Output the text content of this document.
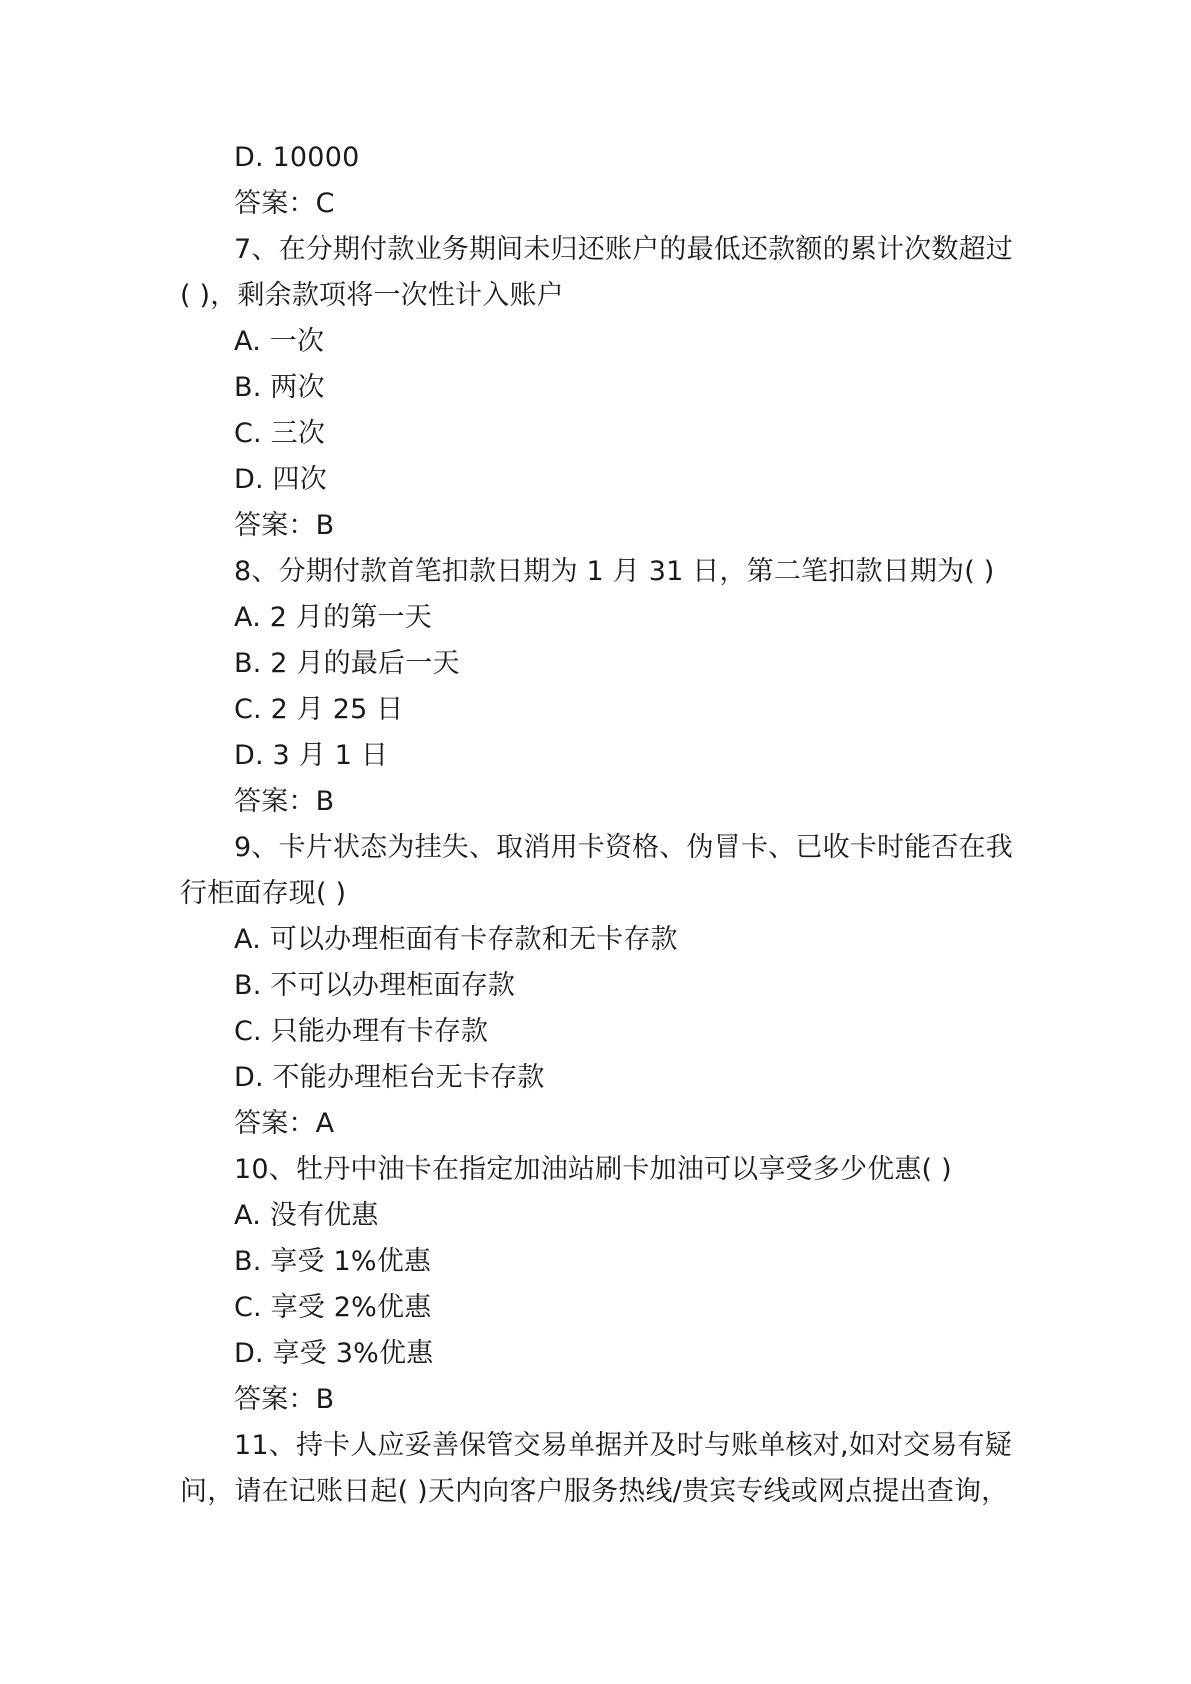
D. 10000
答案：C
7、在分期付款业务期间未归还账户的最低还款额的累计次数超过
( )，剩余款项将一次性计入账户
A. 一次
B. 两次
C. 三次
D. 四次
答案：B
8、分期付款首笔扣款日期为 1 月 31 日，第二笔扣款日期为( )
A. 2 月的第一天
B. 2 月的最后一天
C. 2 月 25 日
D. 3 月 1 日
答案：B
9、卡片状态为挂失、取消用卡资格、伪冒卡、已收卡时能否在我
行柜面存现( )
A. 可以办理柜面有卡存款和无卡存款
B. 不可以办理柜面存款
C. 只能办理有卡存款
D. 不能办理柜台无卡存款
答案：A
10、牡丹中油卡在指定加油站刷卡加油可以享受多少优惠( )
A. 没有优惠
B. 享受 1%优惠
C. 享受 2%优惠
D. 享受 3%优惠
答案：B
11、持卡人应妥善保管交易单据并及时与账单核对,如对交易有疑
问，请在记账日起( )天内向客户服务热线/贵宾专线或网点提出查询，
